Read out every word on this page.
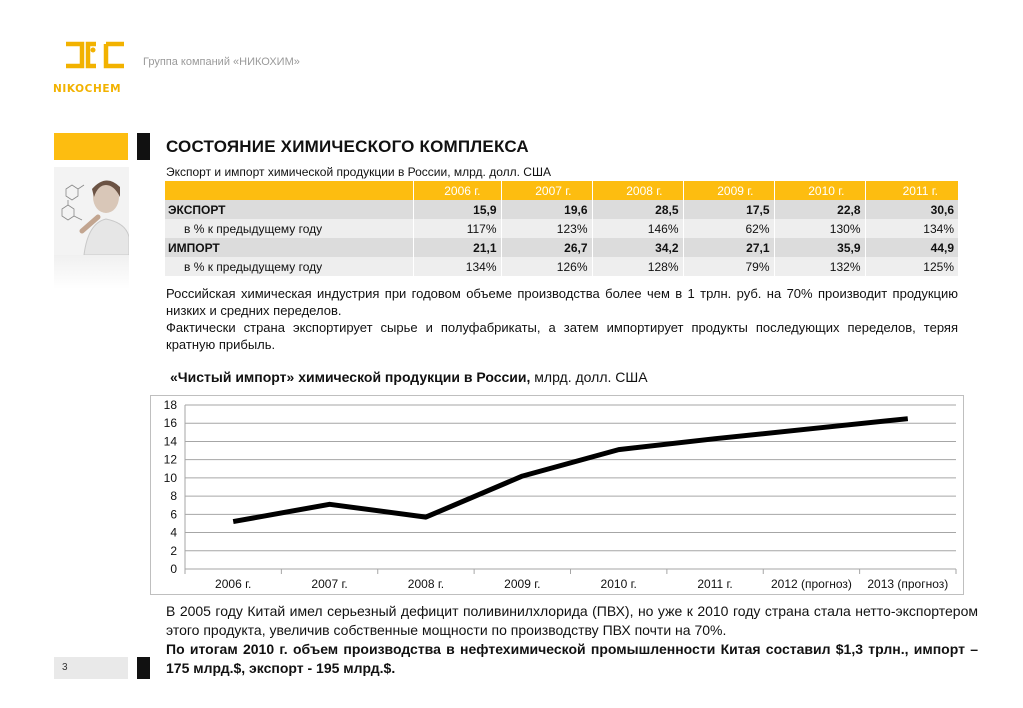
NIKOCHEM
Группа компаний «НИКОХИМ»
СОСТОЯНИЕ ХИМИЧЕСКОГО КОМПЛЕКСА
Экспорт и импорт химической продукции в России, млрд. долл. США
	2006 г.	2007 г.	2008 г.	2009 г.	2010 г.	2011 г.
ЭКСПОРТ	15,9	19,6	28,5	17,5	22,8	30,6
в % к предыдущему году	117%	123%	146%	62%	130%	134%
ИМПОРТ	21,1	26,7	34,2	27,1	35,9	44,9
в % к предыдущему году	134%	126%	128%	79%	132%	125%

Российская химическая индустрия при годовом объеме производства более чем в 1 трлн. руб. на 70% производит продукцию низких и средних переделов.

Фактически страна экспортирует сырье и полуфабрикаты, а затем импортирует продукты последующих переделов, теряя кратную прибыль.

«Чистый импорт» химической продукции в России, млрд. долл. США
0
2
4
6
8
10
12
14
16
18
2006 г.	2007 г.	2008 г.	2009 г.	2010 г.	2011 г.	2012 (прогноз) 2013 (прогноз)

В 2005 году Китай имел серьезный дефицит поливинилхлорида (ПВХ), но уже к 2010 году страна стала нетто-экспортером этого продукта, увеличив собственные мощности по производству ПВХ почти на 70%.

По итогам 2010 г. объем производства в нефтехимической промышленности Китая составил $1,3 трлн., импорт – 175 млрд.$, экспорт - 195 млрд.$.

3
